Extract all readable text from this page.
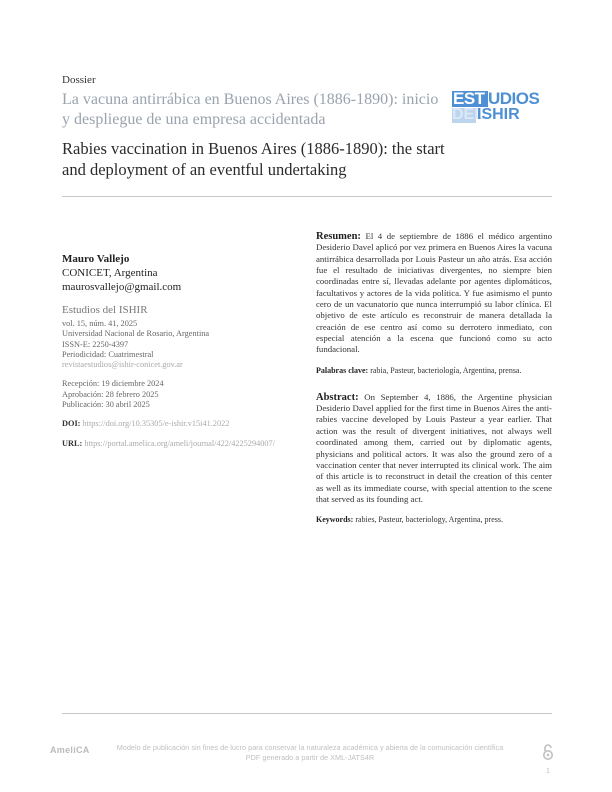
Dossier
La vacuna antirrábica en Buenos Aires (1886-1890): inicio y despliegue de una empresa accidentada
Rabies vaccination in Buenos Aires (1886-1890): the start and deployment of an eventful undertaking
EST UDIOS
DEL
ISHIR
Mauro Vallejo
CONICET, Argentina
maurosvallejo@gmail.com
Estudios del ISHIR
vol. 15, núm. 41, 2025
Universidad Nacional de Rosario, Argentina
ISSN-E: 2250-4397
Periodicidad: Cuatrimestral
revistaestudios@ishir-conicet.gov.ar
Recepción: 19 diciembre 2024
Aprobación: 28 febrero 2025
Publicación: 30 abril 2025
DOI: https://doi.org/10.35305/e-ishir.v15i41.2022
URL: https://portal.amelica.org/ameli/journal/422/4225294007/

Resumen: El 4 de septiembre de 1886 el médico argentino Desiderio Davel aplicó por vez primera en Buenos Aires la vacuna antirrábica desarrollada por Louis Pasteur un año atrás. Esa acción fue el resultado de iniciativas divergentes, no siempre bien coordinadas entre sí, llevadas adelante por agentes diplomáticos, facultativos y actores de la vida política. Y fue asimismo el punto cero de un vacunatorio que nunca interrumpió su labor clínica. El objetivo de este artículo es reconstruir de manera detallada la creación de ese centro así como su derrotero inmediato, con especial atención a la escena que funcionó como su acto fundacional.

Palabras clave: rabia, Pasteur, bacteriología, Argentina, prensa.

Abstract: On September 4, 1886, the Argentine physician Desiderio Davel applied for the first time in Buenos Aires the anti-rabies vaccine developed by Louis Pasteur a year earlier. That action was the result of divergent initiatives, not always well coordinated among them, carried out by diplomatic agents, physicians and political actors. It was also the ground zero of a vaccination center that never interrupted its clinical work. The aim of this article is to reconstruct in detail the creation of this center as well as its immediate course, with special attention to the scene that served as its founding act.

Keywords: rabies, Pasteur, bacteriology, Argentina, press.

AmeliCA	Modelo de publicación sin fines de lucro para conservar la naturaleza académica y abierta de la comunicación científica
PDF generado a partir de XML-JATS4R
1
